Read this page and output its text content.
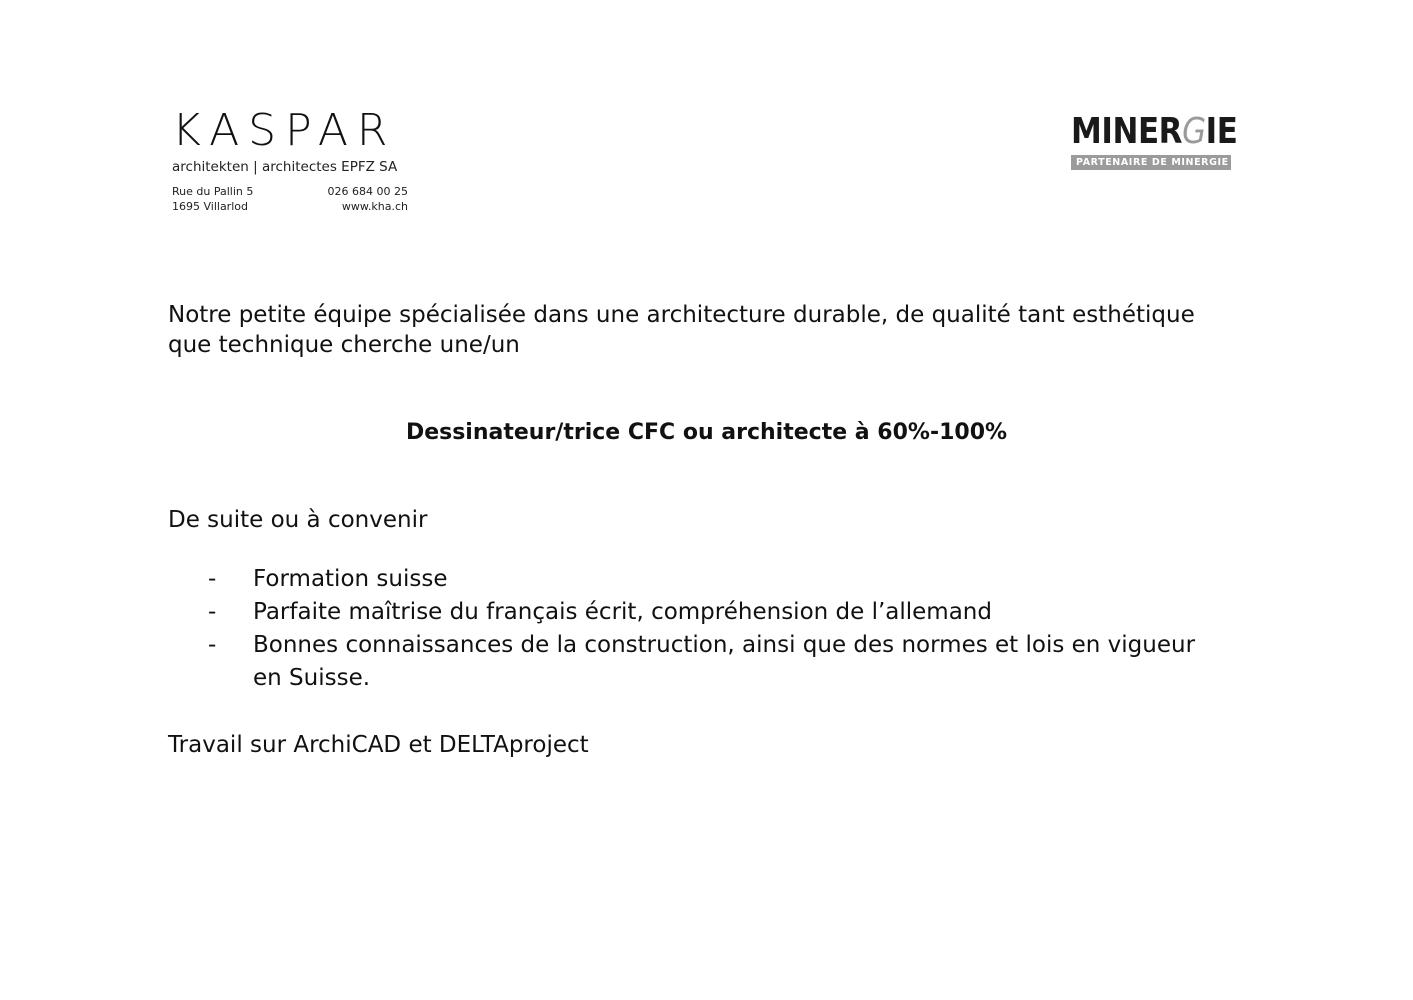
KASPAR
architekten | architectes EPFZ SA
Rue du Pallin 5	026 684 00 25
1695 Villarlod	www.kha.ch
MINERGIE
PARTENAIRE DE MINERGIE

Notre petite équipe spécialisée dans une architecture durable, de qualité tant esthétique que technique cherche une/un

Dessinateur/trice CFC ou architecte à 60%-100%
De suite ou à convenir
-	Formation suisse
-	Parfaite maîtrise du français écrit, compréhension de l’allemand
-	Bonnes connaissances de la construction, ainsi que des normes et lois en vigueur en Suisse.
Travail sur ArchiCAD et DELTAproject
